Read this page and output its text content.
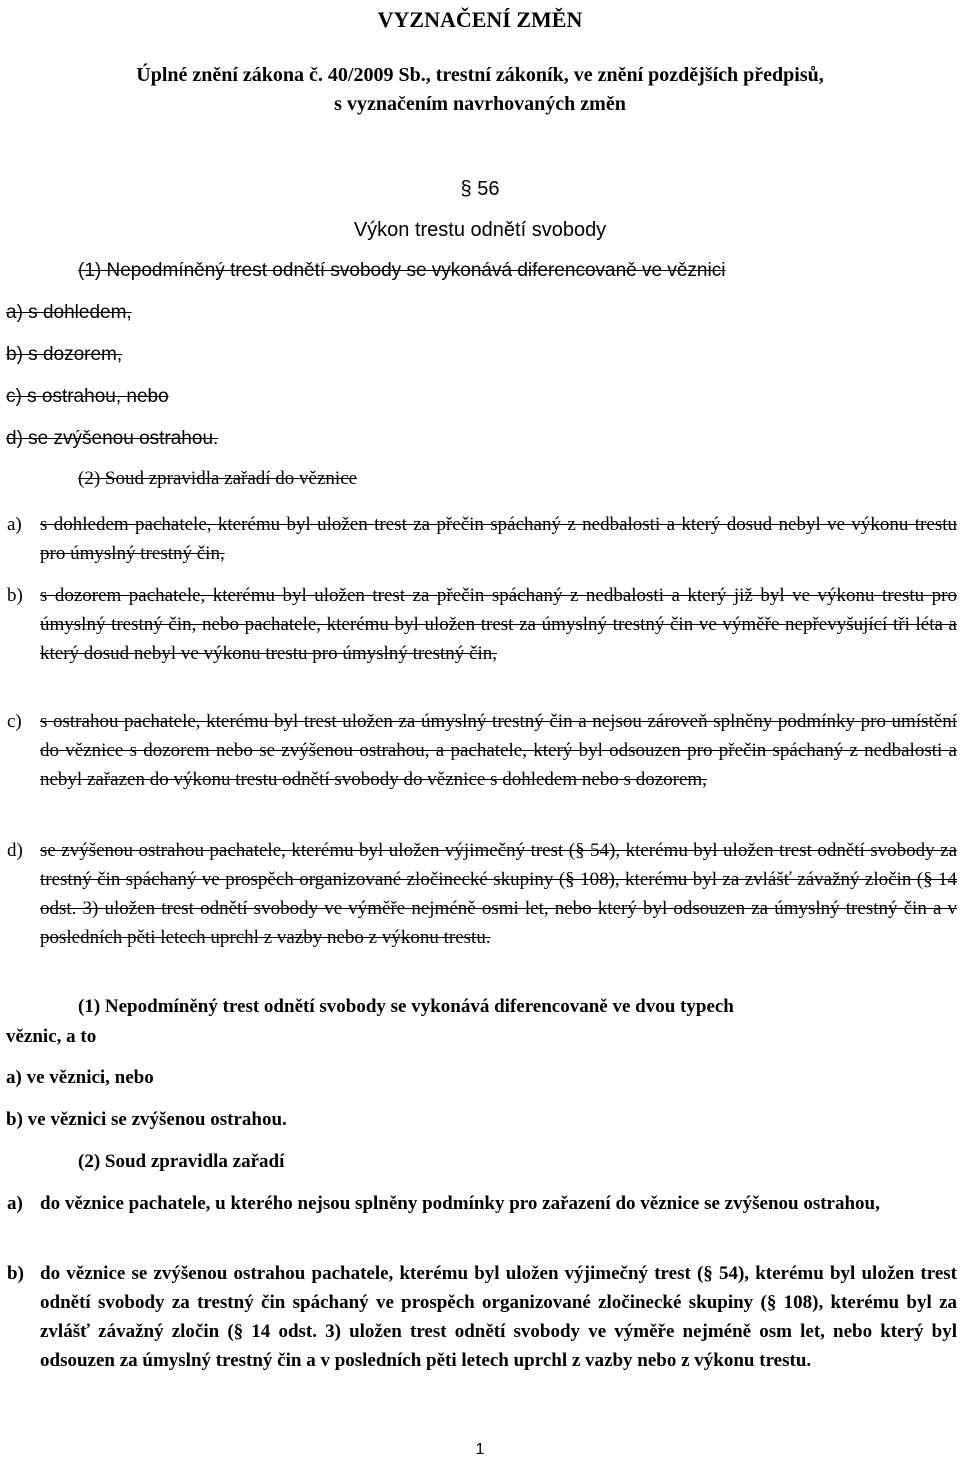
VYZNAČENÍ ZMĚN
Úplné znění zákona č. 40/2009 Sb., trestní zákoník, ve znění pozdějších předpisů,
s vyznačením navrhovaných změn
§ 56
Výkon trestu odnětí svobody
(1) Nepodmíněný trest odnětí svobody se vykonává diferencovaně ve věznici
a) s dohledem,
b) s dozorem,
c) s ostrahou, nebo
d) se zvýšenou ostrahou.
(2) Soud zpravidla zařadí do věznice
a) s dohledem pachatele, kterému byl uložen trest za přečin spáchaný z nedbalosti a který dosud nebyl ve výkonu trestu pro úmyslný trestný čin,
b) s dozorem pachatele, kterému byl uložen trest za přečin spáchaný z nedbalosti a který již byl ve výkonu trestu pro úmyslný trestný čin, nebo pachatele, kterému byl uložen trest za úmyslný trestný čin ve výměře nepřevyšující tři léta a který dosud nebyl ve výkonu trestu pro úmyslný trestný čin,
c) s ostrahou pachatele, kterému byl trest uložen za úmyslný trestný čin a nejsou zároveň splněny podmínky pro umístění do věznice s dozorem nebo se zvýšenou ostrahou, a pachatele, který byl odsouzen pro přečin spáchaný z nedbalosti a nebyl zařazen do výkonu trestu odnětí svobody do věznice s dohledem nebo s dozorem,
d) se zvýšenou ostrahou pachatele, kterému byl uložen výjimečný trest (§ 54), kterému byl uložen trest odnětí svobody za trestný čin spáchaný ve prospěch organizované zločinecké skupiny (§ 108), kterému byl za zvlášť závažný zločin (§ 14 odst. 3) uložen trest odnětí svobody ve výměře nejméně osmi let, nebo který byl odsouzen za úmyslný trestný čin a v posledních pěti letech uprchl z vazby nebo z výkonu trestu.
(1) Nepodmíněný trest odnětí svobody se vykonává diferencovaně ve dvou typech
věznic, a to
a) ve věznici, nebo
b) ve věznici se zvýšenou ostrahou.
(2) Soud zpravidla zařadí
a) do věznice pachatele, u kterého nejsou splněny podmínky pro zařazení do věznice se zvýšenou ostrahou,
b) do věznice se zvýšenou ostrahou pachatele, kterému byl uložen výjimečný trest (§ 54), kterému byl uložen trest odnětí svobody za trestný čin spáchaný ve prospěch organizované zločinecké skupiny (§ 108), kterému byl za zvlášť závažný zločin (§ 14 odst. 3) uložen trest odnětí svobody ve výměře nejméně osm let, nebo který byl odsouzen za úmyslný trestný čin a v posledních pěti letech uprchl z vazby nebo z výkonu trestu.
1
